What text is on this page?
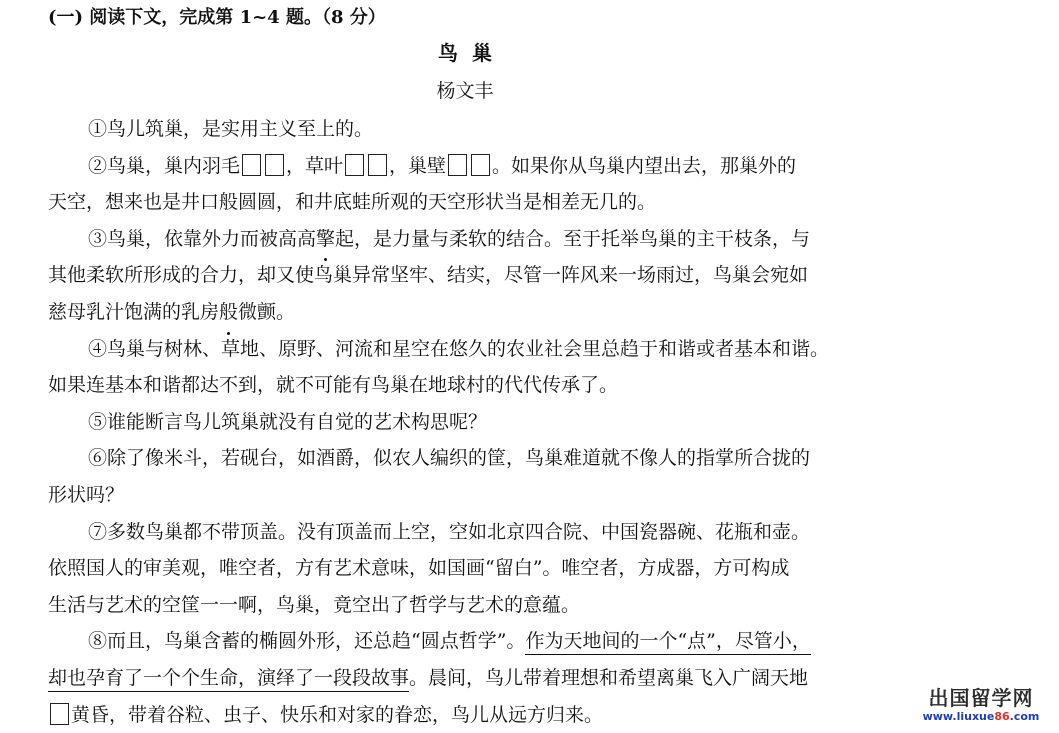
(一) 阅读下文，完成第 1~4 题。（8 分）
鸟巢
杨文丰
①鸟儿筑巢，是实用主义至上的。
②鸟巢，巢内羽毛 ，草叶 ，巢壁 。如果你从鸟巢内望出去，那巢外的
天空，想来也是井口般圆圆，和井底蛙所观的天空形状当是相差无几的。
③鸟巢，依靠外力而被高高擎起，是力量与柔软的结合。至于托举鸟巢的主干枝条，与
其他柔软所形成的合力，却又使鸟巢异常坚牢、结实，尽管一阵风来一场雨过，鸟巢会宛如
慈母乳汁饱满的乳房般微颤。
④鸟巢与树林、草地、原野、河流和星空在悠久的农业社会里总趋于和谐或者基本和谐。
如果连基本和谐都达不到，就不可能有鸟巢在地球村的代代传承了。
⑤谁能断言鸟儿筑巢就没有自觉的艺术构思呢？
⑥除了像米斗，若砚台，如酒爵，似农人编织的筐，鸟巢难道就不像人的指掌所合拢的
形状吗？
⑦多数鸟巢都不带顶盖。没有顶盖而上空，空如北京四合院、中国瓷器碗、花瓶和壶。
依照国人的审美观，唯空者，方有艺术意味，如国画“留白”。唯空者，方成器，方可构成
生活与艺术的空筐一一啊，鸟巢，竟空出了哲学与艺术的意蕴。
⑧而且，鸟巢含蓄的椭圆外形，还总趋“圆点哲学”。作为天地间的一个“点”，尽管小，
却也孕育了一个个生命，演绎了一段段故事。晨间，鸟儿带着理想和希望离巢飞入广阔天地
黄昏，带着谷粒、虫子、快乐和对家的眷恋，鸟儿从远方归来。
出国留学网
www.liuxue86.com
